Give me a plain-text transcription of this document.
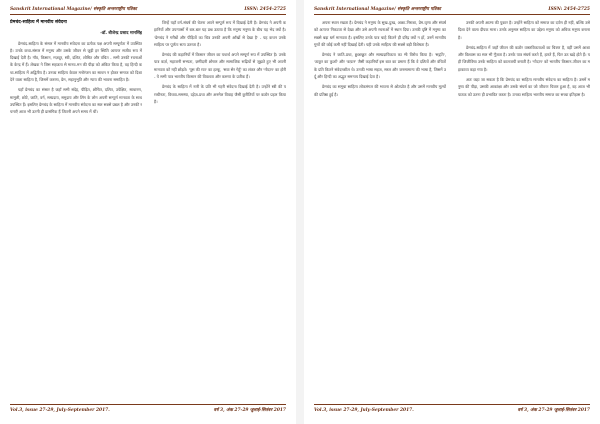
Sanskrit International Magazine/ संस्कृति अन्तरराष्ट्रीय पत्रिका	ISSN: 2454-2725

प्रेमचंद-साहित्य में मानवीय संवेदना

-डॉ. बीजेन्द्र प्रसाद मानसिंह

प्रेमचंद-साहित्य के संसार में मानवीय संवेदना का प्रत्येक पक्ष अपनी सम्पूर्णता में उपस्थित है। उनके कथा-संसार में मनुष्य और उसके जीवन से जुड़ी हर स्थिति अत्यन्त सजीव रूप में दिखाई देती है। गाँव, किसान, मज़दूर, स्त्री, दलित, शोषित और वंचित - सभी उनकी रचनाओं के केन्द्र में हैं। लेखक ने जिस सहजता से मानव-मन की पीड़ा को अंकित किया है, वह हिन्दी कथा-साहित्य में अद्वितीय है। उनका साहित्य केवल मनोरंजन का साधन न होकर समाज को दिशा देने वाला साहित्य है, जिसमें करुणा, प्रेम, सहानुभूति और न्याय की भावना समाहित है।

यहाँ प्रेमचंद का संसार है जहाँ सभी संदेह, पीड़ित, शोषित, दलित, उपेक्षित, साधारण, मामूली, छोटे, जाति, वर्ग, सम्प्रदाय, समुदाय और लिंग के लोग अपनी सम्पूर्ण मानवता के साथ उपस्थित हैं। इसलिए प्रेमचंद के साहित्य में मानवीय संवेदना का स्वर सबसे प्रबल है और उनकी रचनाएँ आज भी उतनी ही प्रासंगिक हैं जितनी अपने समय में थीं।

जिन्हें यहाँ वर्ग-संघर्ष की चेतना अपने सम्पूर्ण रूप में दिखाई देती है। प्रेमचंद ने अपनी कहानियों और उपन्यासों में बार-बार यह प्रश्न उठाया है कि मनुष्य मनुष्य के बीच यह भेद क्यों है। 'प्रेमचंद ने गरीबों और पीड़ितों का चित्र उनकी अपनी आँखों से देखा है' - यह कथन उनके साहित्य पर पूर्णतः सत्य उतरता है।

प्रेमचंद की कहानियों में किसान जीवन का यथार्थ अपने सम्पूर्ण रूप में उपस्थित है। उनके पात्र कर्ज़, महाजनी सभ्यता, ज़मींदारी शोषण और सामाजिक रूढ़ियों से जूझते हुए भी अपनी मानवता को नहीं छोड़ते। 'पूस की रात' का हल्कू, 'सवा सेर गेहूँ' का शंकर और 'गोदान' का होरी - ये सभी पात्र भारतीय किसान की विवशता और करुणा के प्रतीक हैं।

प्रेमचंद के साहित्य में नारी के प्रति भी गहरी संवेदना दिखाई देती है। उन्होंने स्त्री की पराधीनता, विधवा-समस्या, दहेज़-प्रथा और अनमेल विवाह जैसी कुरीतियों पर कठोर प्रहार किया है।

Vol.3, issue 27-29, July-September 2017.	वर्ष 3, अंक 27-29 जुलाई-सितंबर 2017
Sanskrit International Magazine/ संस्कृति अन्तरराष्ट्रीय पत्रिका	ISSN: 2454-2725

अपना स्थान रखता है। प्रेमचंद ने मनुष्य के सुख-दुःख, आशा-निराशा, प्रेम-घृणा और संघर्ष को अत्यन्त निकटता से देखा और उसे अपनी रचनाओं में स्थान दिया। उनकी दृष्टि में मनुष्य का सबसे बड़ा धर्म मानवता है। इसलिए उनके पात्र चाहे कितने ही दरिद्र क्यों न हों, उनमें मानवीय गुणों की कोई कमी नहीं दिखाई देती। यही उनके साहित्य की सबसे बड़ी विशेषता है।

प्रेमचंद ने जाति-प्रथा, छुआछूत और साम्प्रदायिकता का भी विरोध किया है। 'सद्गति', 'ठाकुर का कुआँ' और 'कफ़न' जैसी कहानियाँ इस बात का प्रमाण हैं कि वे दलितों और वंचितों के प्रति कितने संवेदनशील थे। उनकी भाषा सहज, सरल और जनसामान्य की भाषा है, जिसमें उर्दू और हिन्दी का अद्भुत समन्वय दिखाई देता है।

प्रेमचंद का समूचा साहित्य लोकमंगल की भावना से ओतप्रोत है और उसमें मानवीय मूल्यों की प्रतिष्ठा हुई है।

उनकी अपनी आत्मा की पुकार है। उन्होंने साहित्य को समाज का दर्पण ही नहीं, बल्कि उसे दिशा देने वाला दीपक माना। उनके अनुसार साहित्य का उद्देश्य मनुष्य को अधिक मनुष्य बनाना है।

प्रेमचंद-साहित्य में जहाँ जीवन की कठोर वास्तविकताओं का चित्रण है, वहीं उसमें आशा और विश्वास का स्वर भी गूँजता है। उनके पात्र संघर्ष करते हैं, हारते हैं, फिर उठ खड़े होते हैं। यही जिजीविषा उनके साहित्य को कालजयी बनाती है। 'गोदान' को भारतीय किसान-जीवन का महाकाव्य कहा गया है।

अतः कहा जा सकता है कि प्रेमचंद का साहित्य मानवीय संवेदना का साहित्य है। उसमें मनुष्य की पीड़ा, उसकी आकांक्षा और उसके संघर्ष का जो जीवन्त चित्रण हुआ है, वह आज भी पाठक को उतना ही प्रभावित करता है। उनका साहित्य भारतीय समाज का सच्चा इतिहास है।

Vol.3, issue 27-29, July-September 2017.	वर्ष 3, अंक 27-29 जुलाई-सितंबर 2017
